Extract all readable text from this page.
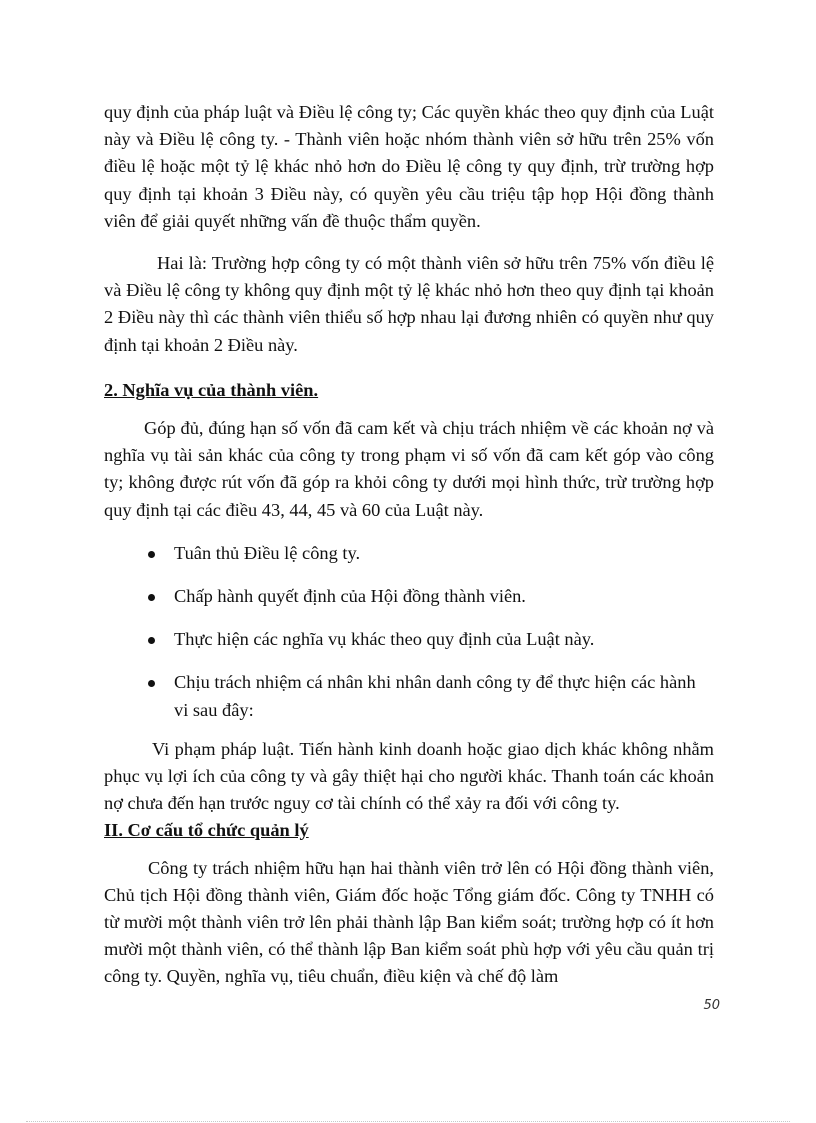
quy định của pháp luật và Điều lệ công ty; Các quyền khác theo quy định của Luật này và Điều lệ công ty. - Thành viên hoặc nhóm thành viên sở hữu trên 25% vốn điều lệ hoặc một tỷ lệ khác nhỏ hơn do Điều lệ công ty quy định, trừ trường hợp quy định tại khoản 3 Điều này, có quyền yêu cầu triệu tập họp Hội đồng thành viên để giải quyết những vấn đề thuộc thẩm quyền.

Hai là: Trường hợp công ty có một thành viên sở hữu trên 75% vốn điều lệ và Điều lệ công ty không quy định một tỷ lệ khác nhỏ hơn theo quy định tại khoản 2 Điều này thì các thành viên thiểu số hợp nhau lại đương nhiên có quyền như quy định tại khoản 2 Điều này.

2. Nghĩa vụ của thành viên.

Góp đủ, đúng hạn số vốn đã cam kết và chịu trách nhiệm về các khoản nợ và nghĩa vụ tài sản khác của công ty trong phạm vi số vốn đã cam kết góp vào công ty; không được rút vốn đã góp ra khỏi công ty dưới mọi hình thức, trừ trường hợp quy định tại các điều 43, 44, 45 và 60 của Luật này.

Tuân thủ Điều lệ công ty.
Chấp hành quyết định của Hội đồng thành viên.
Thực hiện các nghĩa vụ khác theo quy định của Luật này.
Chịu trách nhiệm cá nhân khi nhân danh công ty để thực hiện các hành vi sau đây:

Vi phạm pháp luật. Tiến hành kinh doanh hoặc giao dịch khác không nhằm phục vụ lợi ích của công ty và gây thiệt hại cho người khác. Thanh toán các khoản nợ chưa đến hạn trước nguy cơ tài chính có thể xảy ra đối với công ty.

II. Cơ cấu tổ chức quản lý

Công ty trách nhiệm hữu hạn hai thành viên trở lên có Hội đồng thành viên, Chủ tịch Hội đồng thành viên, Giám đốc hoặc Tổng giám đốc. Công ty TNHH có từ mười một thành viên trở lên phải thành lập Ban kiểm soát; trường hợp có ít hơn mười một thành viên, có thể thành lập Ban kiểm soát phù hợp với yêu cầu quản trị công ty. Quyền, nghĩa vụ, tiêu chuẩn, điều kiện và chế độ làm

50
